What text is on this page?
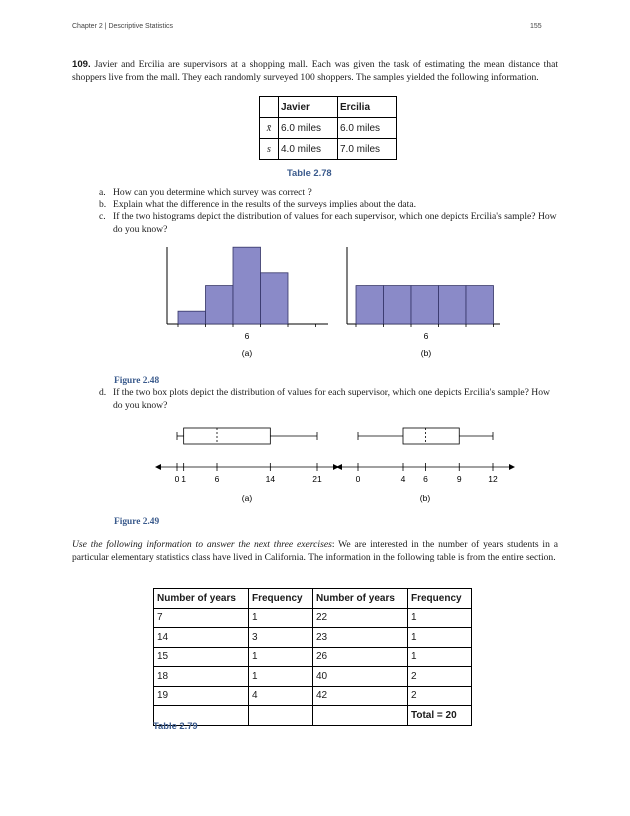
Chapter 2 | Descriptive Statistics	155
109. Javier and Ercilia are supervisors at a shopping mall. Each was given the task of estimating the mean distance that shoppers live from the mall. They each randomly surveyed 100 shoppers. The samples yielded the following information.
	Javier	Ercilia
x̄	6.0 miles	6.0 miles
s	4.0 miles	7.0 miles
Table 2.78
a. How can you determine which survey was correct ?
b. Explain what the difference in the results of the surveys implies about the data.
c. If the two histograms depict the distribution of values for each supervisor, which one depicts Ercilia's sample? How do you know?
6	6
(a)	(b)
Figure 2.48
d. If the two box plots depict the distribution of values for each supervisor, which one depicts Ercilia's sample? How do you know?
0 1	6	14	21	0	4 6	9	12
(a)	(b)
Figure 2.49
Use the following information to answer the next three exercises: We are interested in the number of years students in a particular elementary statistics class have lived in California. The information in the following table is from the entire section.
Number of years	Frequency	Number of years	Frequency
7	1	22	1
14	3	23	1
15	1	26	1
18	1	40	2
19	4	42	2
			Total = 20
Table 2.79
